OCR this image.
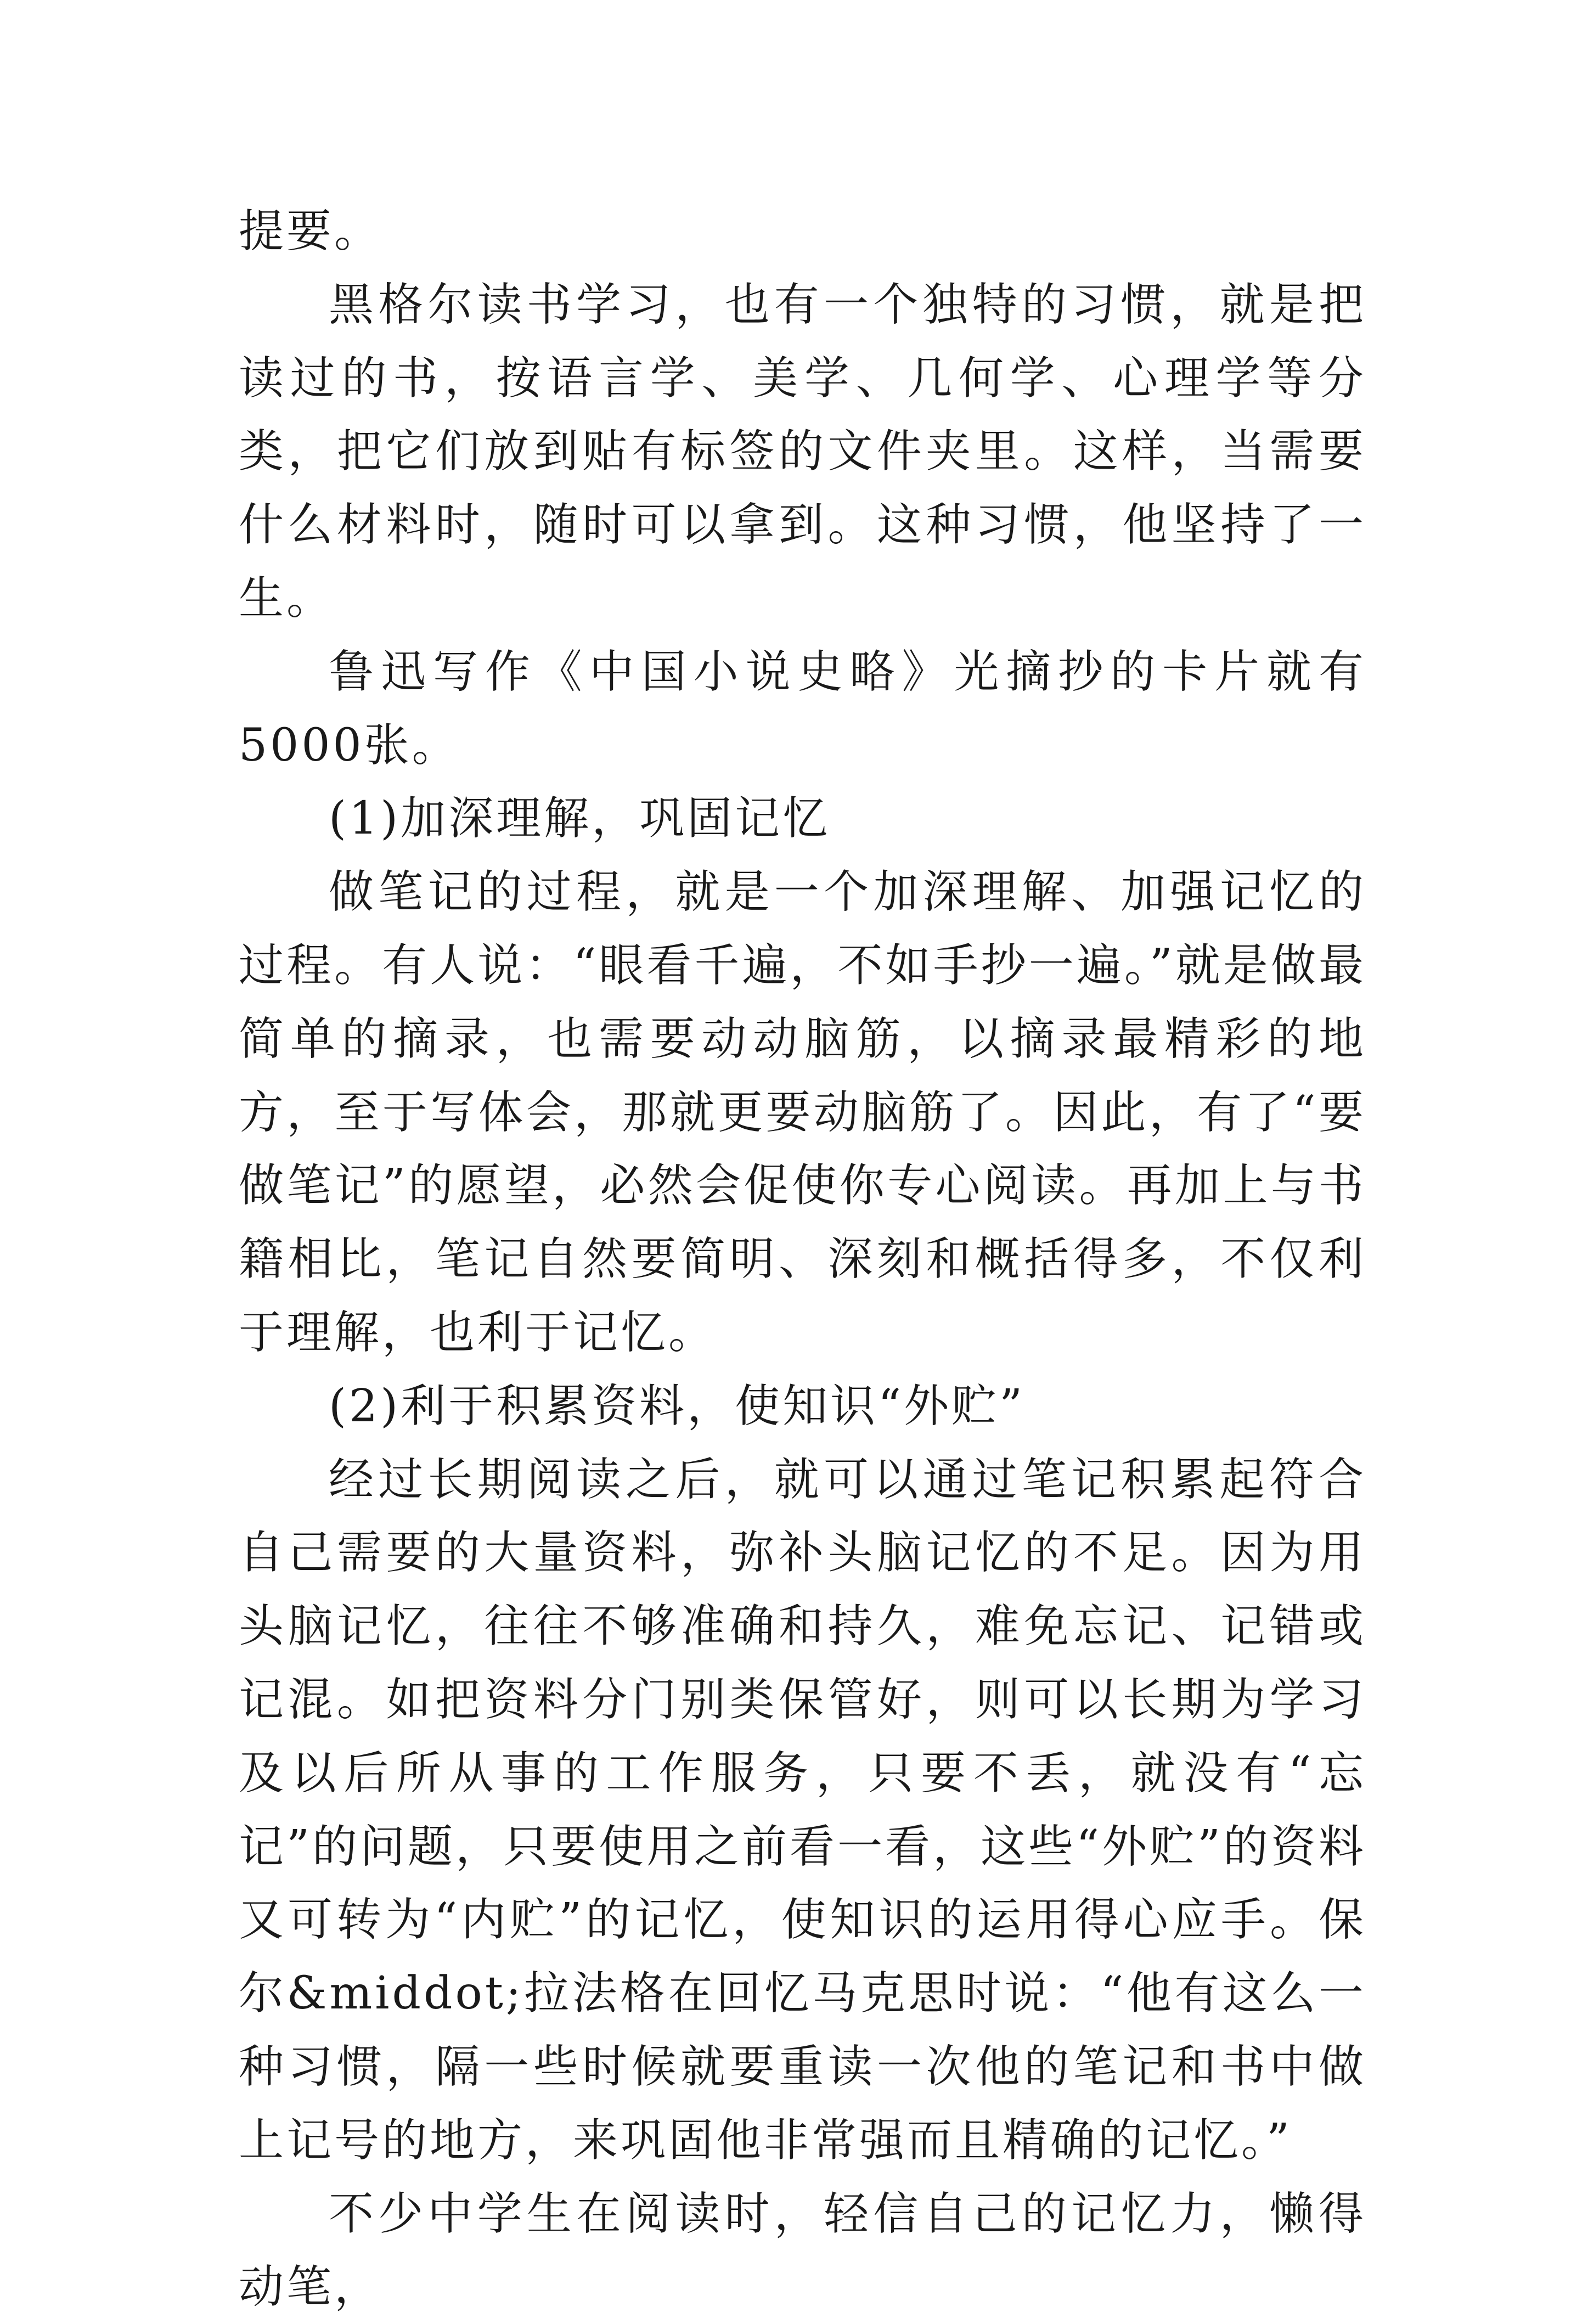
提要。

黑格尔读书学习，也有一个独特的习惯，就是把读过的书，按语言学、美学、几何学、心理学等分类，把它们放到贴有标签的文件夹里。这样，当需要什么材料时，随时可以拿到。这种习惯，他坚持了一生。

鲁迅写作《中国小说史略》光摘抄的卡片就有5000张。

(1)加深理解，巩固记忆

做笔记的过程，就是一个加深理解、加强记忆的过程。有人说：“眼看千遍，不如手抄一遍。”就是做最简单的摘录，也需要动动脑筋，以摘录最精彩的地方，至于写体会，那就更要动脑筋了。因此，有了“要做笔记”的愿望，必然会促使你专心阅读。再加上与书籍相比，笔记自然要简明、深刻和概括得多，不仅利于理解，也利于记忆。

(2)利于积累资料，使知识“外贮”

经过长期阅读之后，就可以通过笔记积累起符合自己需要的大量资料，弥补头脑记忆的不足。因为用头脑记忆，往往不够准确和持久，难免忘记、记错或记混。如把资料分门别类保管好，则可以长期为学习及以后所从事的工作服务，只要不丢，就没有“忘记”的问题，只要使用之前看一看，这些“外贮”的资料又可转为“内贮”的记忆，使知识的运用得心应手。保尔&middot;拉法格在回忆马克思时说：“他有这么一种习惯，隔一些时候就要重读一次他的笔记和书中做上记号的地方，来巩固他非常强而且精确的记忆。”

不少中学生在阅读时，轻信自己的记忆力，懒得动笔，
